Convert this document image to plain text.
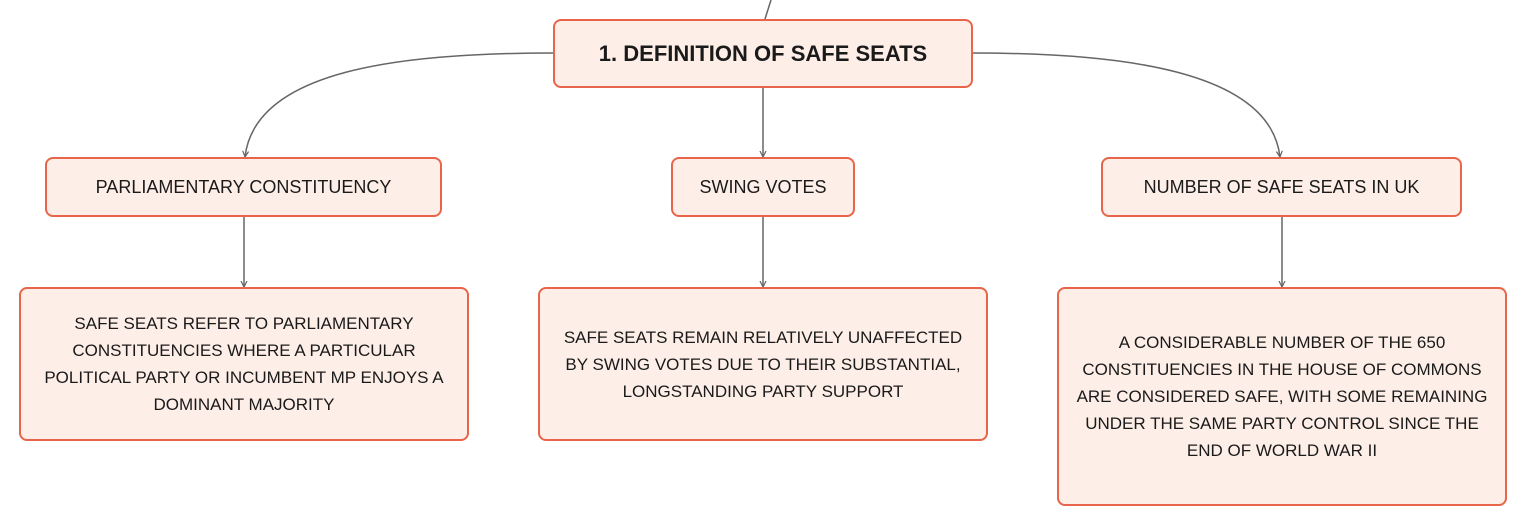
1. DEFINITION OF SAFE SEATS
PARLIAMENTARY CONSTITUENCY	SWING VOTES	NUMBER OF SAFE SEATS IN UK
SAFE SEATS REFER TO PARLIAMENTARY CONSTITUENCIES WHERE A PARTICULAR POLITICAL PARTY OR INCUMBENT MP ENJOYS A DOMINANT MAJORITY
SAFE SEATS REMAIN RELATIVELY UNAFFECTED BY SWING VOTES DUE TO THEIR SUBSTANTIAL, LONGSTANDING PARTY SUPPORT
A CONSIDERABLE NUMBER OF THE 650 CONSTITUENCIES IN THE HOUSE OF COMMONS ARE CONSIDERED SAFE, WITH SOME REMAINING UNDER THE SAME PARTY CONTROL SINCE THE END OF WORLD WAR II
